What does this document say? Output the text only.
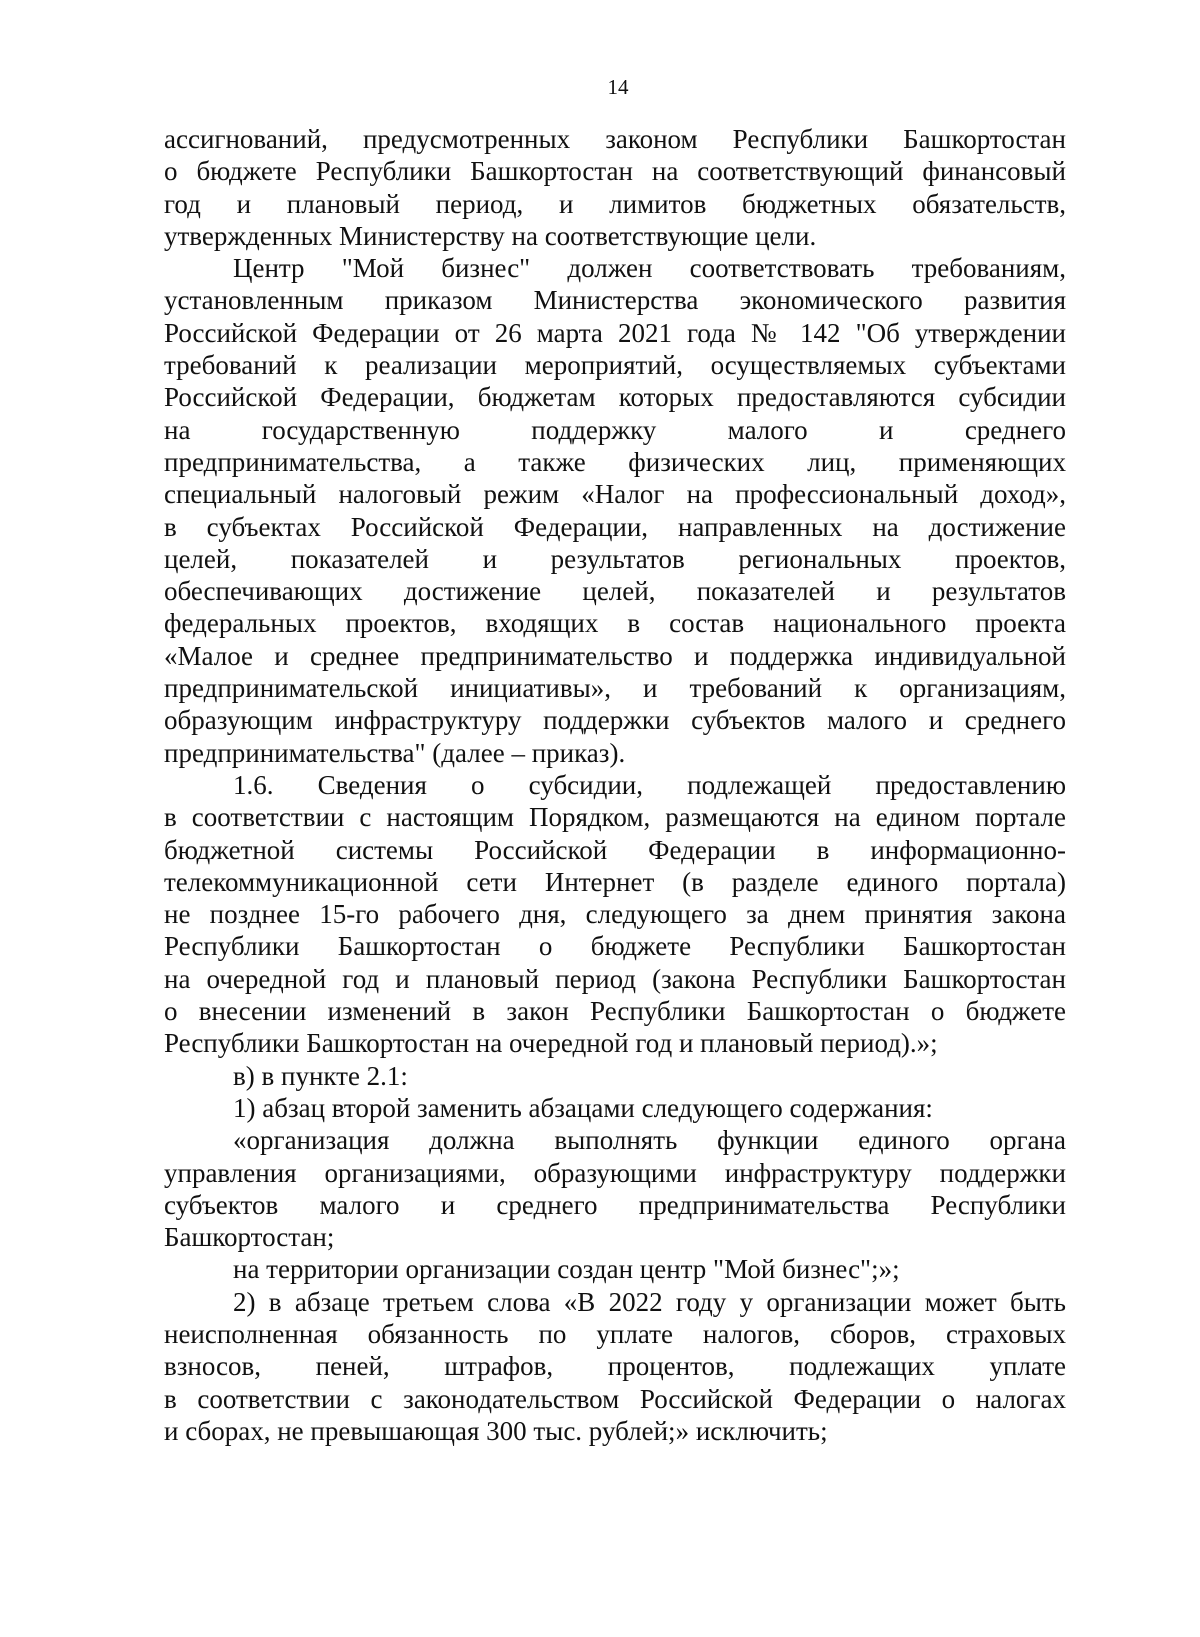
14
ассигнований, предусмотренных законом Республики Башкортостан
о бюджете Республики Башкортостан на соответствующий финансовый
год и плановый период, и лимитов бюджетных обязательств,
утвержденных Министерству на соответствующие цели.
Центр "Мой бизнес" должен соответствовать требованиям,
установленным приказом Министерства экономического развития
Российской Федерации от 26 марта 2021 года № 142 "Об утверждении
требований к реализации мероприятий, осуществляемых субъектами
Российской Федерации, бюджетам которых предоставляются субсидии
на государственную поддержку малого и среднего
предпринимательства, а также физических лиц, применяющих
специальный налоговый режим «Налог на профессиональный доход»,
в субъектах Российской Федерации, направленных на достижение
целей, показателей и результатов региональных проектов,
обеспечивающих достижение целей, показателей и результатов
федеральных проектов, входящих в состав национального проекта
«Малое и среднее предпринимательство и поддержка индивидуальной
предпринимательской инициативы», и требований к организациям,
образующим инфраструктуру поддержки субъектов малого и среднего
предпринимательства" (далее – приказ).
1.6. Сведения о субсидии, подлежащей предоставлению
в соответствии с настоящим Порядком, размещаются на едином портале
бюджетной системы Российской Федерации в информационно-
телекоммуникационной сети Интернет (в разделе единого портала)
не позднее 15-го рабочего дня, следующего за днем принятия закона
Республики Башкортостан о бюджете Республики Башкортостан
на очередной год и плановый период (закона Республики Башкортостан
о внесении изменений в закон Республики Башкортостан о бюджете
Республики Башкортостан на очередной год и плановый период).»;
в) в пункте 2.1:
1) абзац второй заменить абзацами следующего содержания:
«организация должна выполнять функции единого органа
управления организациями, образующими инфраструктуру поддержки
субъектов малого и среднего предпринимательства Республики
Башкортостан;
на территории организации создан центр "Мой бизнес";»;
2) в абзаце третьем слова «В 2022 году у организации может быть
неисполненная обязанность по уплате налогов, сборов, страховых
взносов, пеней, штрафов, процентов, подлежащих уплате
в соответствии с законодательством Российской Федерации о налогах
и сборах, не превышающая 300 тыс. рублей;» исключить;
